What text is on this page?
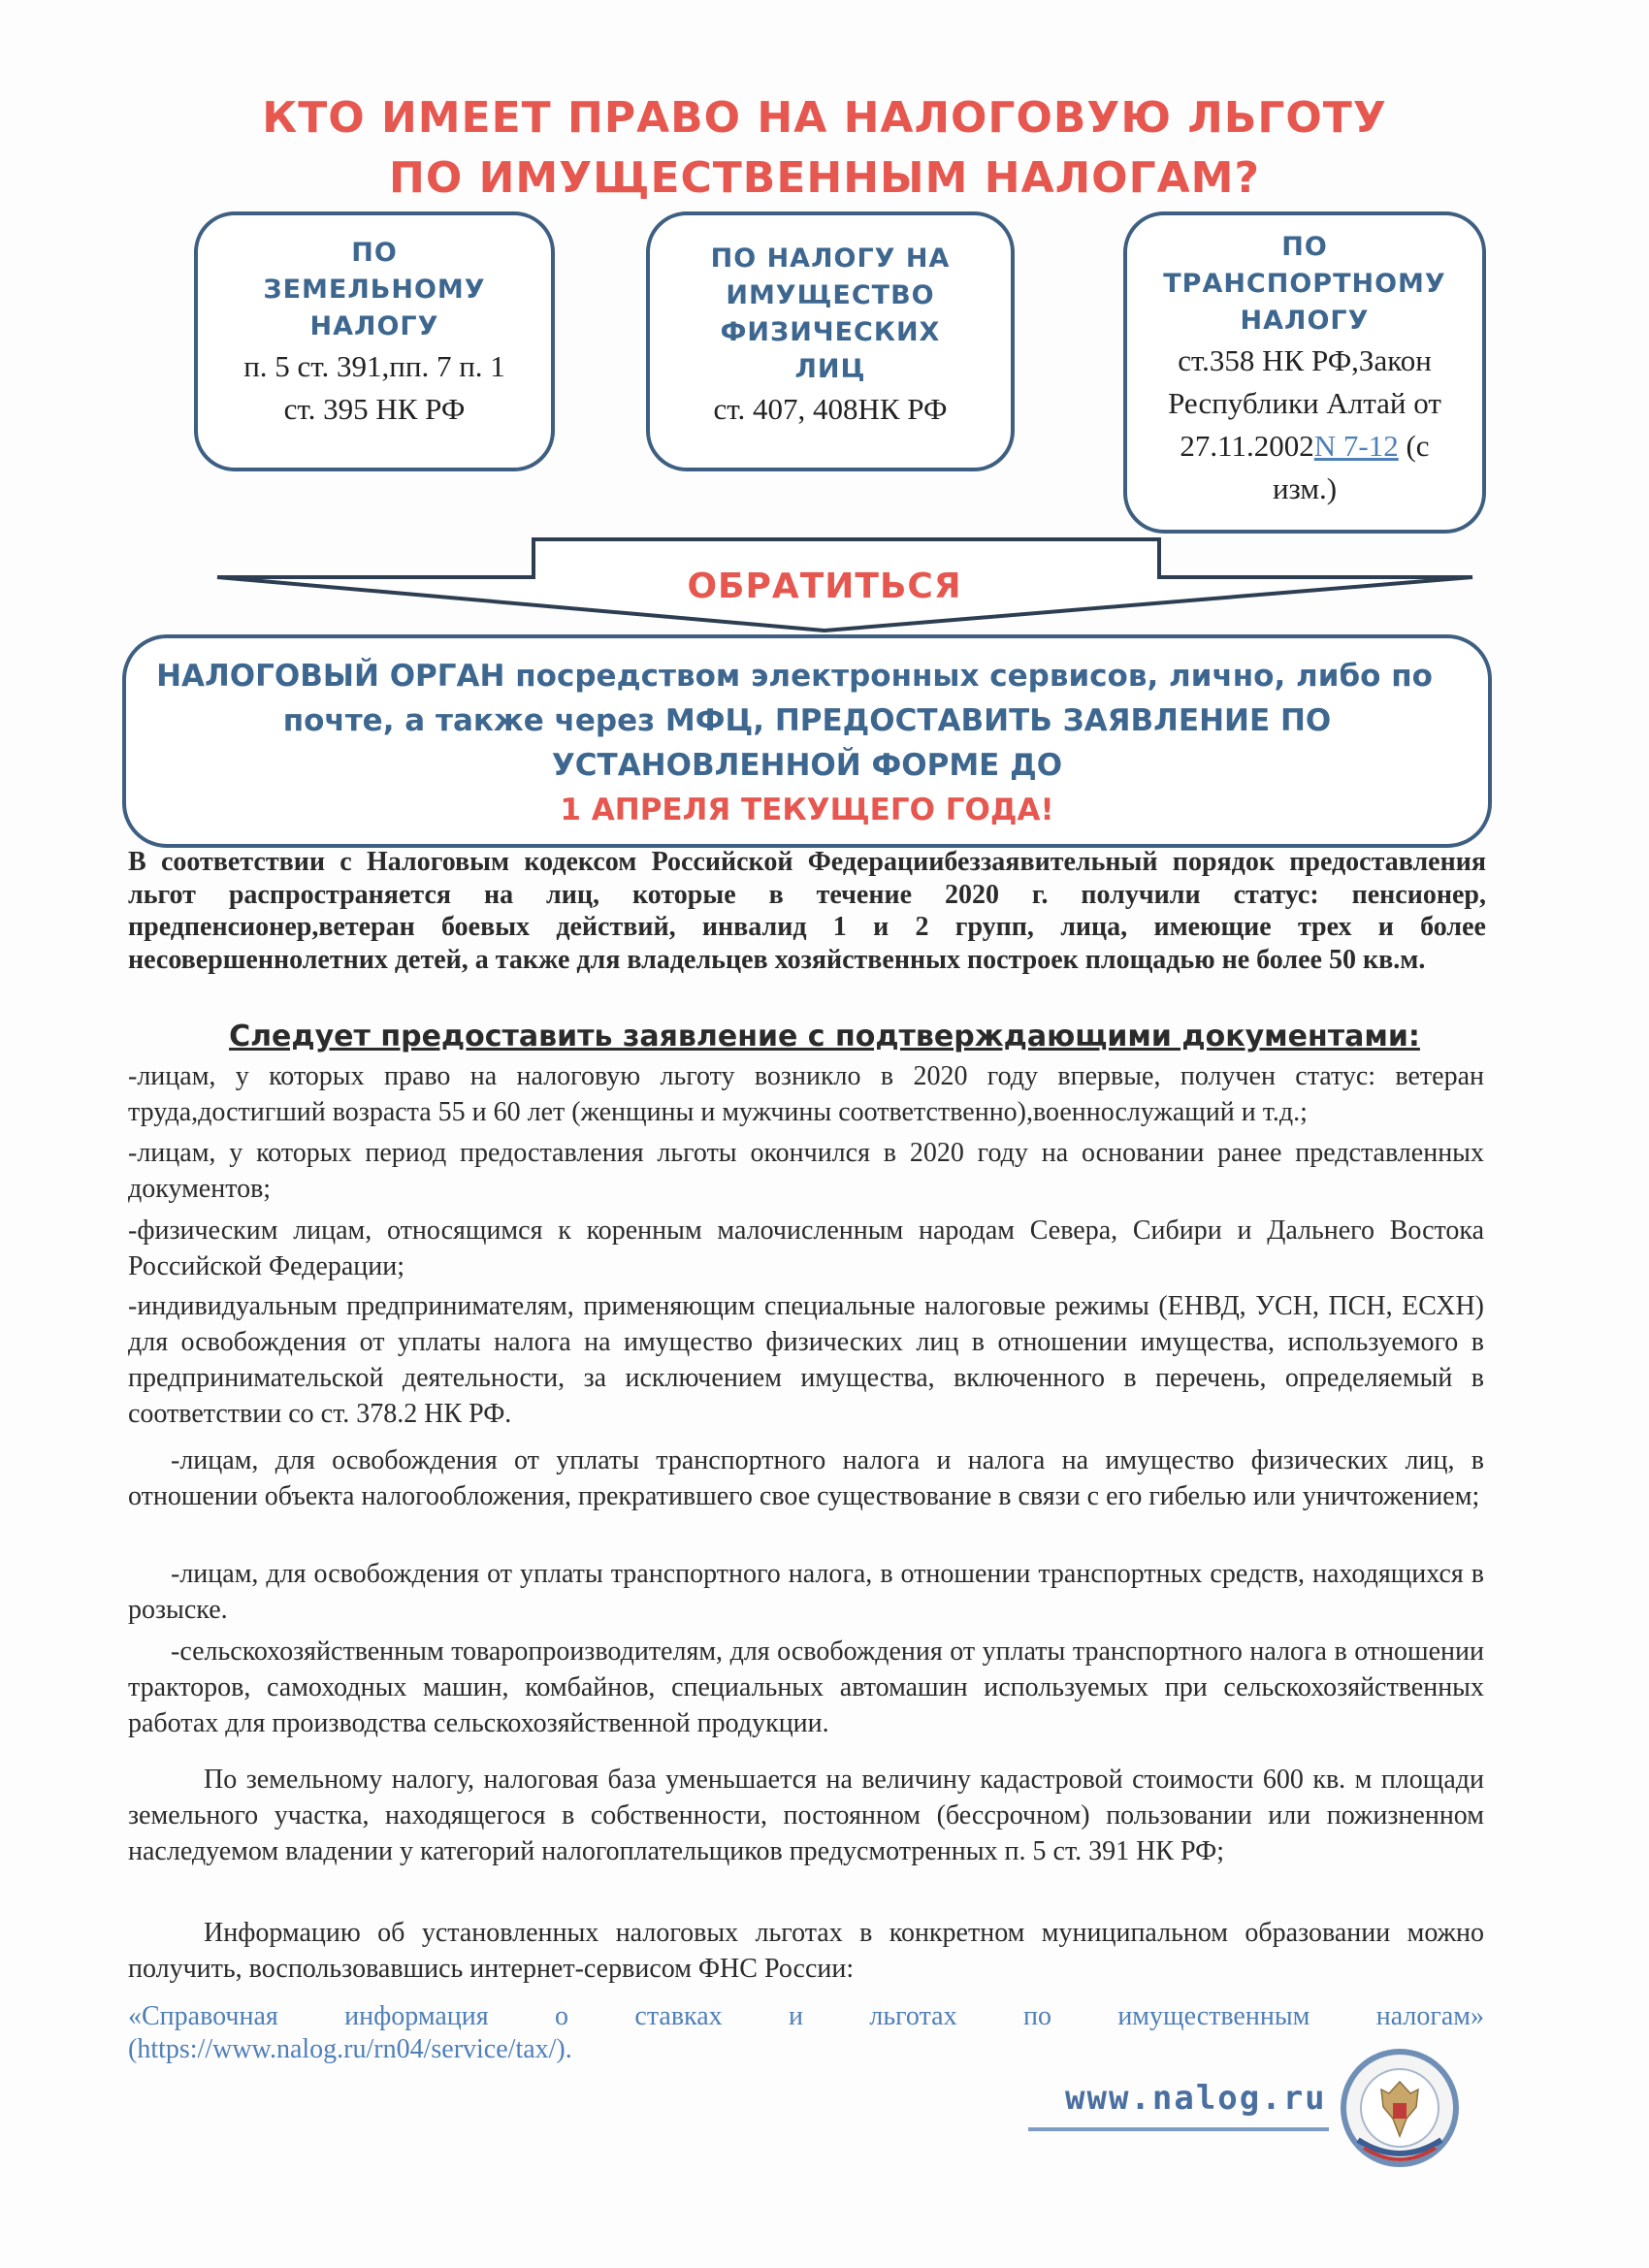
КТО ИМЕЕТ ПРАВО НА НАЛОГОВУЮ ЛЬГОТУ
ПО ИМУЩЕСТВЕННЫМ НАЛОГАМ?
ПО
ЗЕМЕЛЬНОМУ
НАЛОГУ
п. 5 ст. 391,пп. 7 п. 1
ст. 395 НК РФ
ПО НАЛОГУ НА
ИМУЩЕСТВО
ФИЗИЧЕСКИХ
ЛИЦ
ст. 407, 408НК РФ
ПО
ТРАНСПОРТНОМУ
НАЛОГУ
ст.358 НК РФ,Закон
Республики Алтай от
27.11.2002N 7-12 (с
изм.)
ОБРАТИТЬСЯ
НАЛОГОВЫЙ ОРГАН посредством электронных сервисов, лично, либо по
почте, а также через МФЦ, ПРЕДОСТАВИТЬ ЗАЯВЛЕНИЕ ПО
УСТАНОВЛЕННОЙ ФОРМЕ ДО
1 АПРЕЛЯ ТЕКУЩЕГО ГОДА!
В соответствии с Налоговым кодексом Российской Федерациибеззаявительный порядок предоставления льгот распространяется на лиц, которые в течение 2020 г. получили статус: пенсионер, предпенсионер,ветеран боевых действий, инвалид 1 и 2 групп, лица, имеющие трех и более несовершеннолетних детей, а также для владельцев хозяйственных построек площадью не более 50 кв.м.
Следует предоставить заявление с подтверждающими документами:
-лицам, у которых право на налоговую льготу возникло в 2020 году впервые, получен статус: ветеран труда,достигший возраста 55 и 60 лет (женщины и мужчины соответственно),военнослужащий и т.д.;
-лицам, у которых период предоставления льготы окончился в 2020 году на основании ранее представленных документов;
-физическим лицам, относящимся к коренным малочисленным народам Севера, Сибири и Дальнего Востока Российской Федерации;
-индивидуальным предпринимателям, применяющим специальные налоговые режимы (ЕНВД, УСН, ПСН, ЕСХН) для освобождения от уплаты налога на имущество физических лиц в отношении имущества, используемого в предпринимательской деятельности, за исключением имущества, включенного в перечень, определяемый в соответствии со ст. 378.2 НК РФ.
-лицам, для освобождения от уплаты транспортного налога и налога на имущество физических лиц, в отношении объекта налогообложения, прекратившего свое существование в связи с его гибелью или уничтожением;
-лицам, для освобождения от уплаты транспортного налога, в отношении транспортных средств, находящихся в розыске.
-сельскохозяйственным товаропроизводителям, для освобождения от уплаты транспортного налога в отношении тракторов, самоходных машин, комбайнов, специальных автомашин используемых при сельскохозяйственных работах для производства сельскохозяйственной продукции.
По земельному налогу, налоговая база уменьшается на величину кадастровой стоимости 600 кв. м площади земельного участка, находящегося в собственности, постоянном (бессрочном) пользовании или пожизненном наследуемом владении у категорий налогоплательщиков предусмотренных п. 5 ст. 391 НК РФ;
Информацию об установленных налоговых льготах в конкретном муниципальном образовании можно получить, воспользовавшись интернет-сервисом ФНС России:
«Справочная информация о ставках и льготах по имущественным налогам»
(https://www.nalog.ru/rn04/service/tax/).
www.nalog.ru
